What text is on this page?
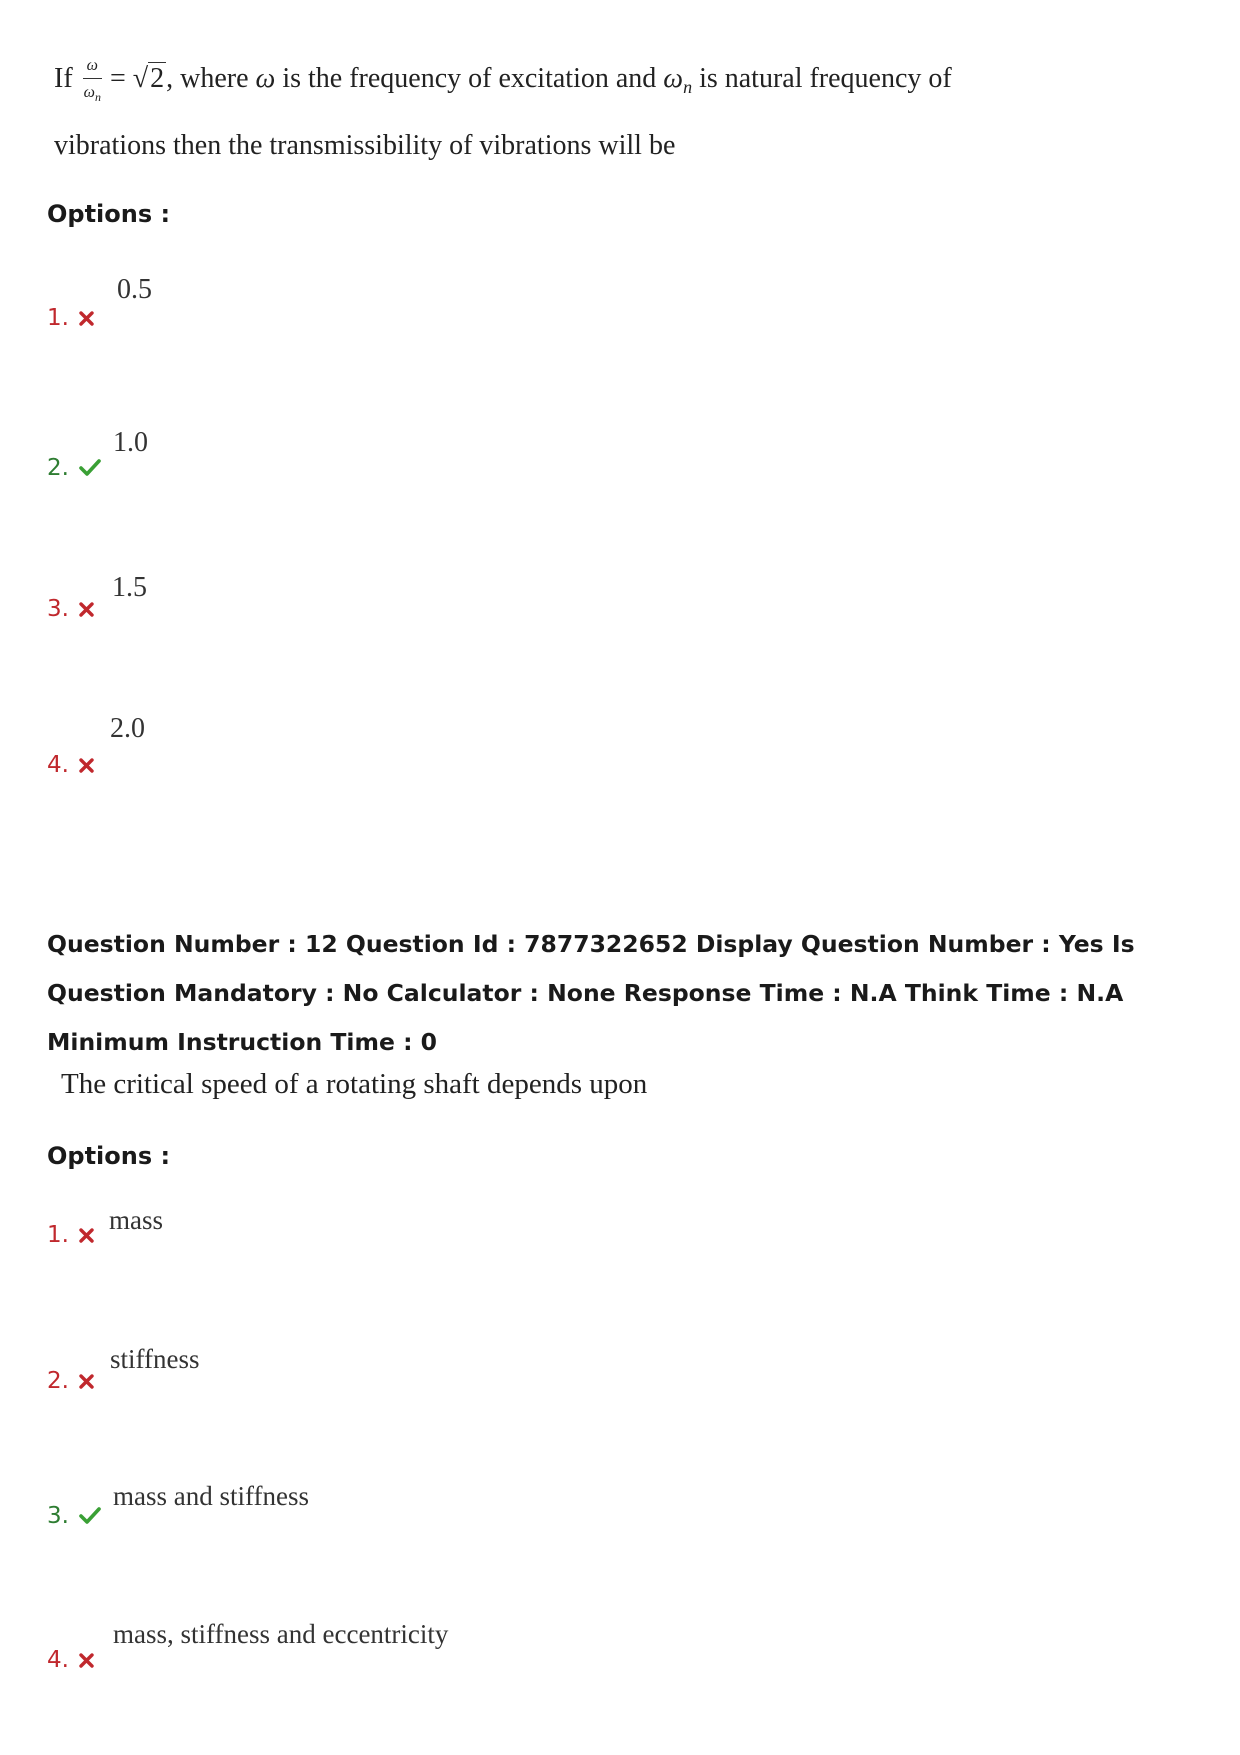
If $\frac{\omega}{\omega_n} = √2$, where ω is the frequency of excitation and $\omega_n$ is natural frequency of
vibrations then the transmissibility of vibrations will be
Options :
0.5
1.
1.0
2.
1.5
3.
2.0
4.
Question Number : 12 Question Id : 7877322652 Display Question Number : Yes Is Question Mandatory : No Calculator : None Response Time : N.A Think Time : N.A Minimum Instruction Time : 0
The critical speed of a rotating shaft depends upon
Options :
mass
1.
stiffness
2.
mass and stiffness
3.
mass, stiffness and eccentricity
4.
